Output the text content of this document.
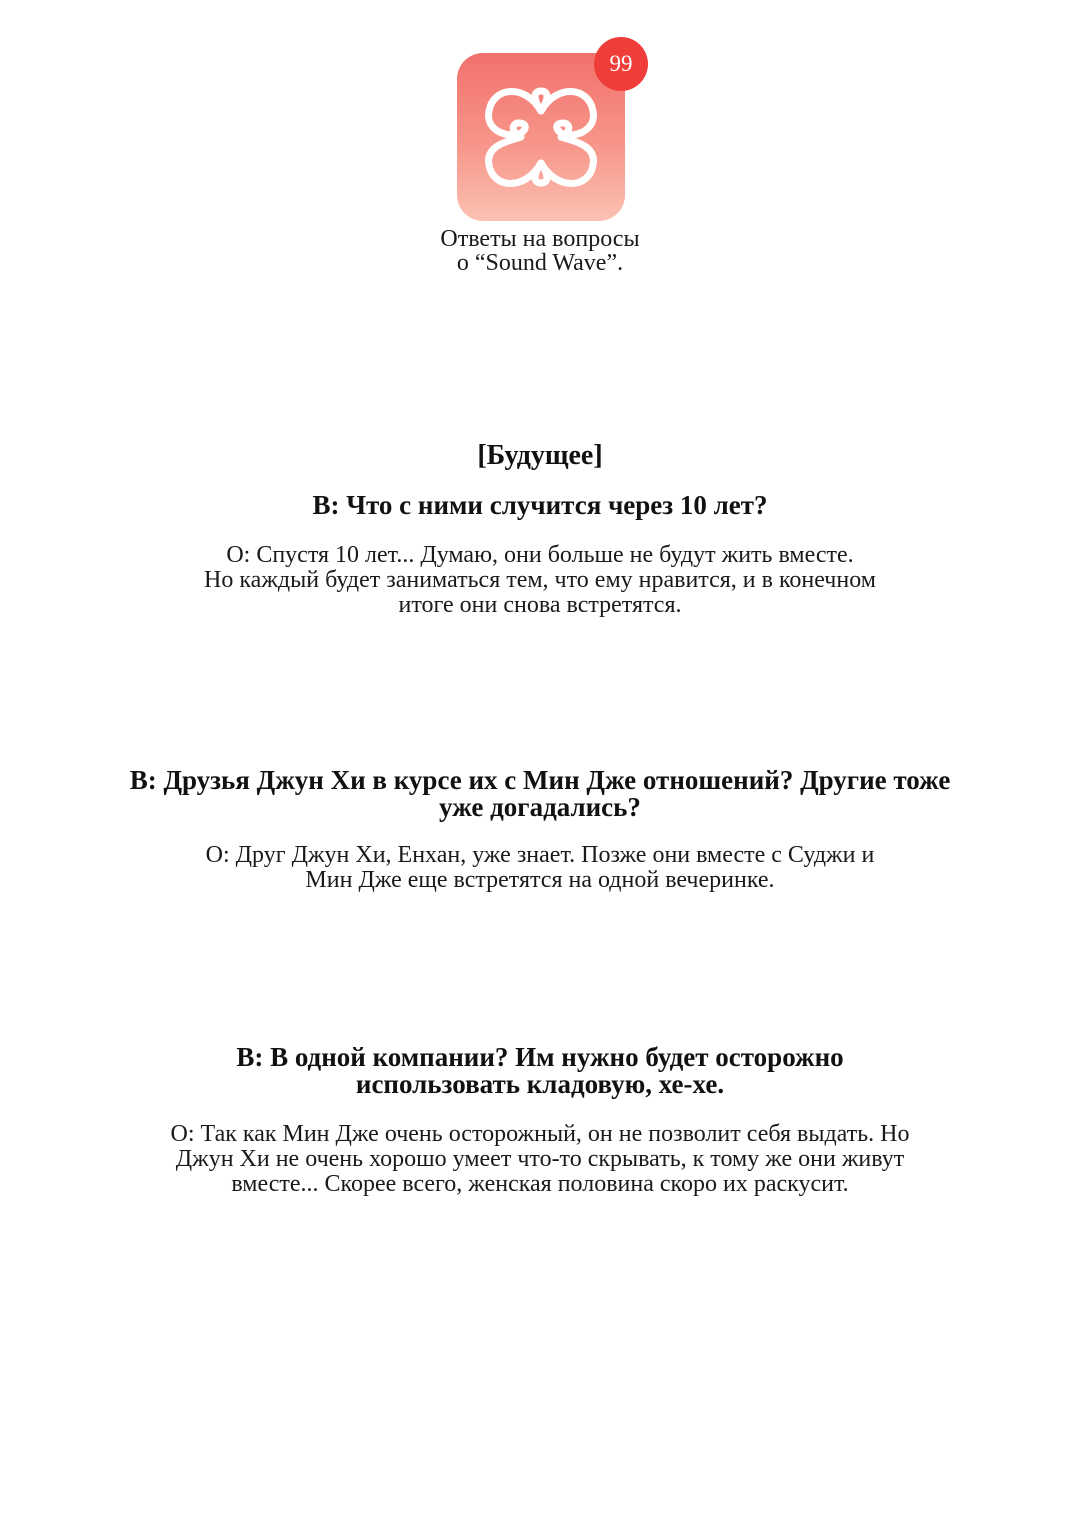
99
Ответы на вопросы
о “Sound Wave”.
[Будущее]
В: Что с ними случится через 10 лет?
О: Спустя 10 лет... Думаю, они больше не будут жить вместе.
Но каждый будет заниматься тем, что ему нравится, и в конечном
итоге они снова встретятся.
В: Друзья Джун Хи в курсе их с Мин Дже отношений? Другие тоже
уже догадались?
О: Друг Джун Хи, Енхан, уже знает. Позже они вместе с Суджи и
Мин Дже еще встретятся на одной вечеринке.
В: В одной компании? Им нужно будет осторожно
использовать кладовую, хе-хе.
О: Так как Мин Дже очень осторожный, он не позволит себя выдать. Но
Джун Хи не очень хорошо умеет что-то скрывать, к тому же они живут
вместе... Скорее всего, женская половина скоро их раскусит.
